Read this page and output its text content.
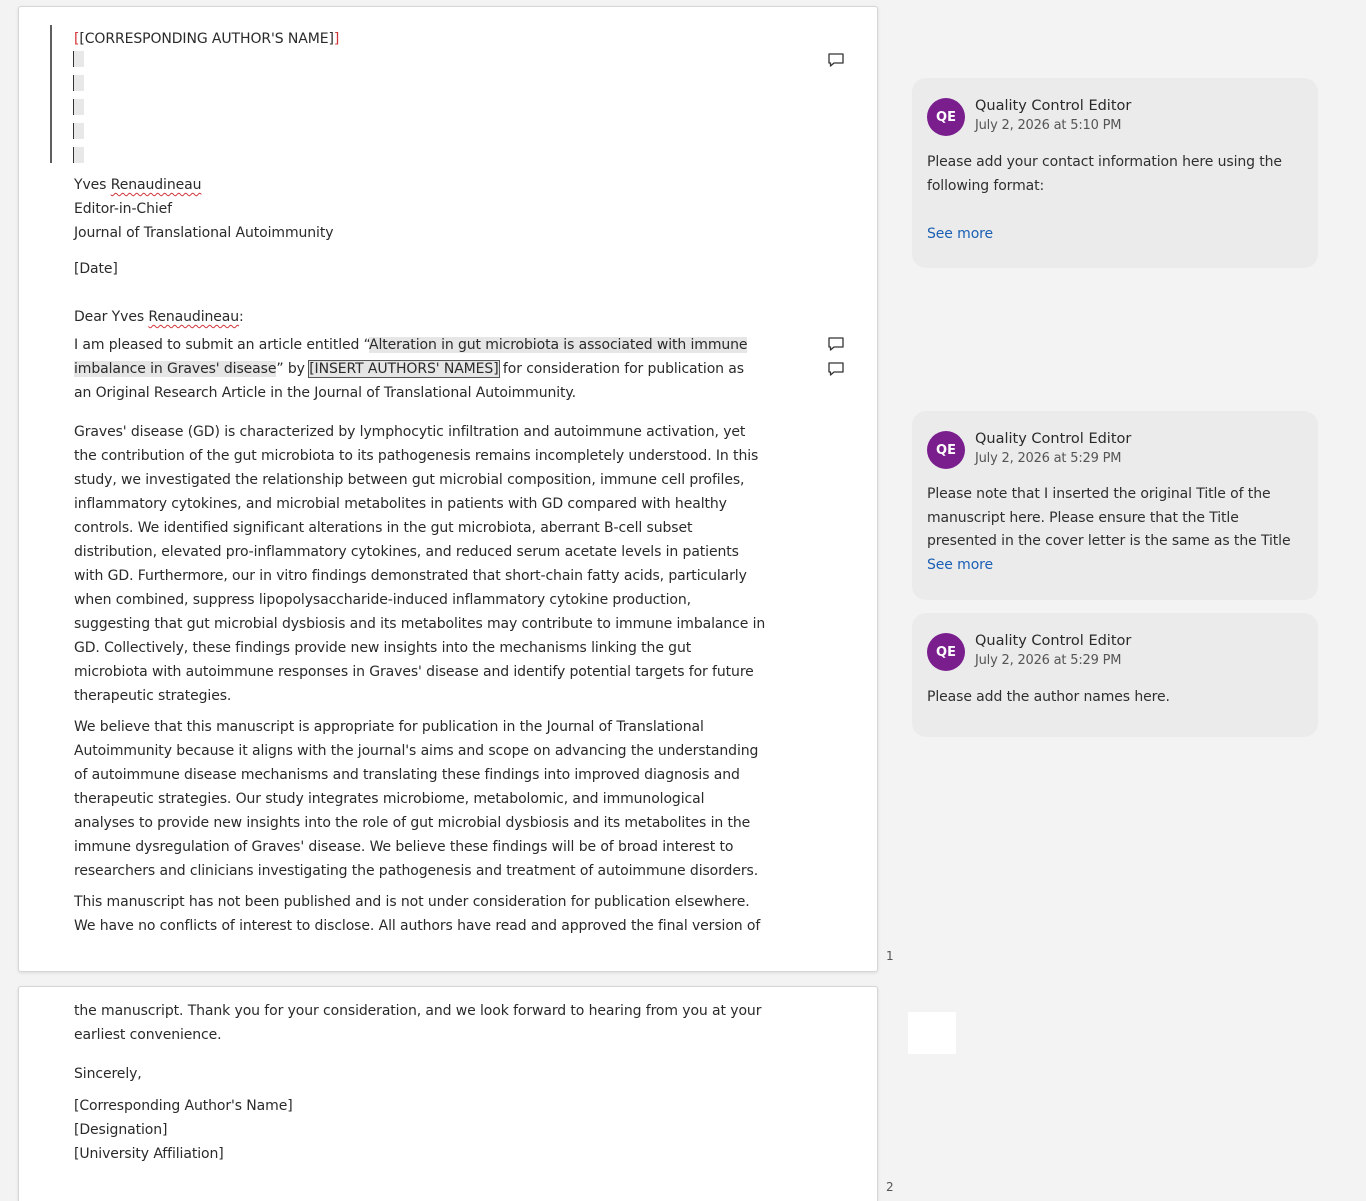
[[CORRESPONDING AUTHOR'S NAME]]

Yves Renaudineau
Editor-in-Chief
Journal of Translational Autoimmunity

[Date]

Dear Yves Renaudineau:

I am pleased to submit an article entitled “Alteration in gut microbiota is associated with immune
imbalance in Graves' disease” by [INSERT AUTHORS' NAMES] for consideration for publication as
an Original Research Article in the Journal of Translational Autoimmunity.

Graves' disease (GD) is characterized by lymphocytic infiltration and autoimmune activation, yet
the contribution of the gut microbiota to its pathogenesis remains incompletely understood. In this
study, we investigated the relationship between gut microbial composition, immune cell profiles,
inflammatory cytokines, and microbial metabolites in patients with GD compared with healthy
controls. We identified significant alterations in the gut microbiota, aberrant B-cell subset
distribution, elevated pro-inflammatory cytokines, and reduced serum acetate levels in patients
with GD. Furthermore, our in vitro findings demonstrated that short-chain fatty acids, particularly
when combined, suppress lipopolysaccharide-induced inflammatory cytokine production,
suggesting that gut microbial dysbiosis and its metabolites may contribute to immune imbalance in
GD. Collectively, these findings provide new insights into the mechanisms linking the gut
microbiota with autoimmune responses in Graves' disease and identify potential targets for future
therapeutic strategies.

We believe that this manuscript is appropriate for publication in the Journal of Translational
Autoimmunity because it aligns with the journal's aims and scope on advancing the understanding
of autoimmune disease mechanisms and translating these findings into improved diagnosis and
therapeutic strategies. Our study integrates microbiome, metabolomic, and immunological
analyses to provide new insights into the role of gut microbial dysbiosis and its metabolites in the
immune dysregulation of Graves' disease. We believe these findings will be of broad interest to
researchers and clinicians investigating the pathogenesis and treatment of autoimmune disorders.

This manuscript has not been published and is not under consideration for publication elsewhere.
We have no conflicts of interest to disclose. All authors have read and approved the final version of

1

the manuscript. Thank you for your consideration, and we look forward to hearing from you at your
earliest convenience.

Sincerely,

[Corresponding Author's Name]
[Designation]
[University Affiliation]

2
QE
Quality Control Editor
July 2, 2026 at 5:10 PM
Please add your contact information here using the
following format:
See more
QE
Quality Control Editor
July 2, 2026 at 5:29 PM
Please note that I inserted the original Title of the
manuscript here. Please ensure that the Title
presented in the cover letter is the same as the Title
See more
QE
Quality Control Editor
July 2, 2026 at 5:29 PM
Please add the author names here.
